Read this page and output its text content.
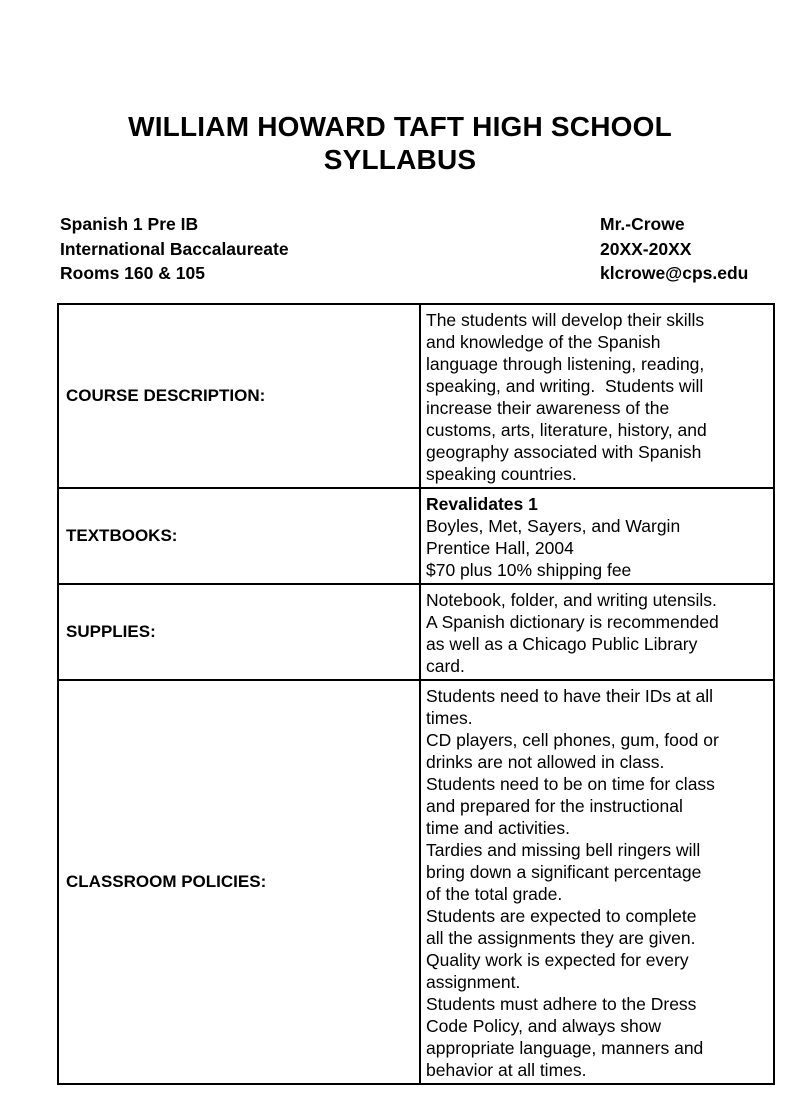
WILLIAM HOWARD TAFT HIGH SCHOOL
SYLLABUS
Spanish 1 Pre IB
International Baccalaureate
Rooms 160 & 105
Mr.-Crowe
20XX-20XX
klcrowe@cps.edu
COURSE DESCRIPTION:	
The students will develop their skills
and knowledge of the Spanish
language through listening, reading,
speaking, and writing.  Students will
increase their awareness of the
customs, arts, literature, history, and
geography associated with Spanish
speaking countries.

TEXTBOOKS:	Revalidates 1
Boyles, Met, Sayers, and Wargin
Prentice Hall, 2004
$70 plus 10% shipping fee

SUPPLIES:	Notebook, folder, and writing utensils.
A Spanish dictionary is recommended
as well as a Chicago Public Library
card.

CLASSROOM POLICIES:	
Students need to have their IDs at all
times.
CD players, cell phones, gum, food or
drinks are not allowed in class.
Students need to be on time for class
and prepared for the instructional
time and activities.
Tardies and missing bell ringers will
bring down a significant percentage
of the total grade.
Students are expected to complete
all the assignments they are given.
Quality work is expected for every
assignment.
Students must adhere to the Dress
Code Policy, and always show
appropriate language, manners and
behavior at all times.
